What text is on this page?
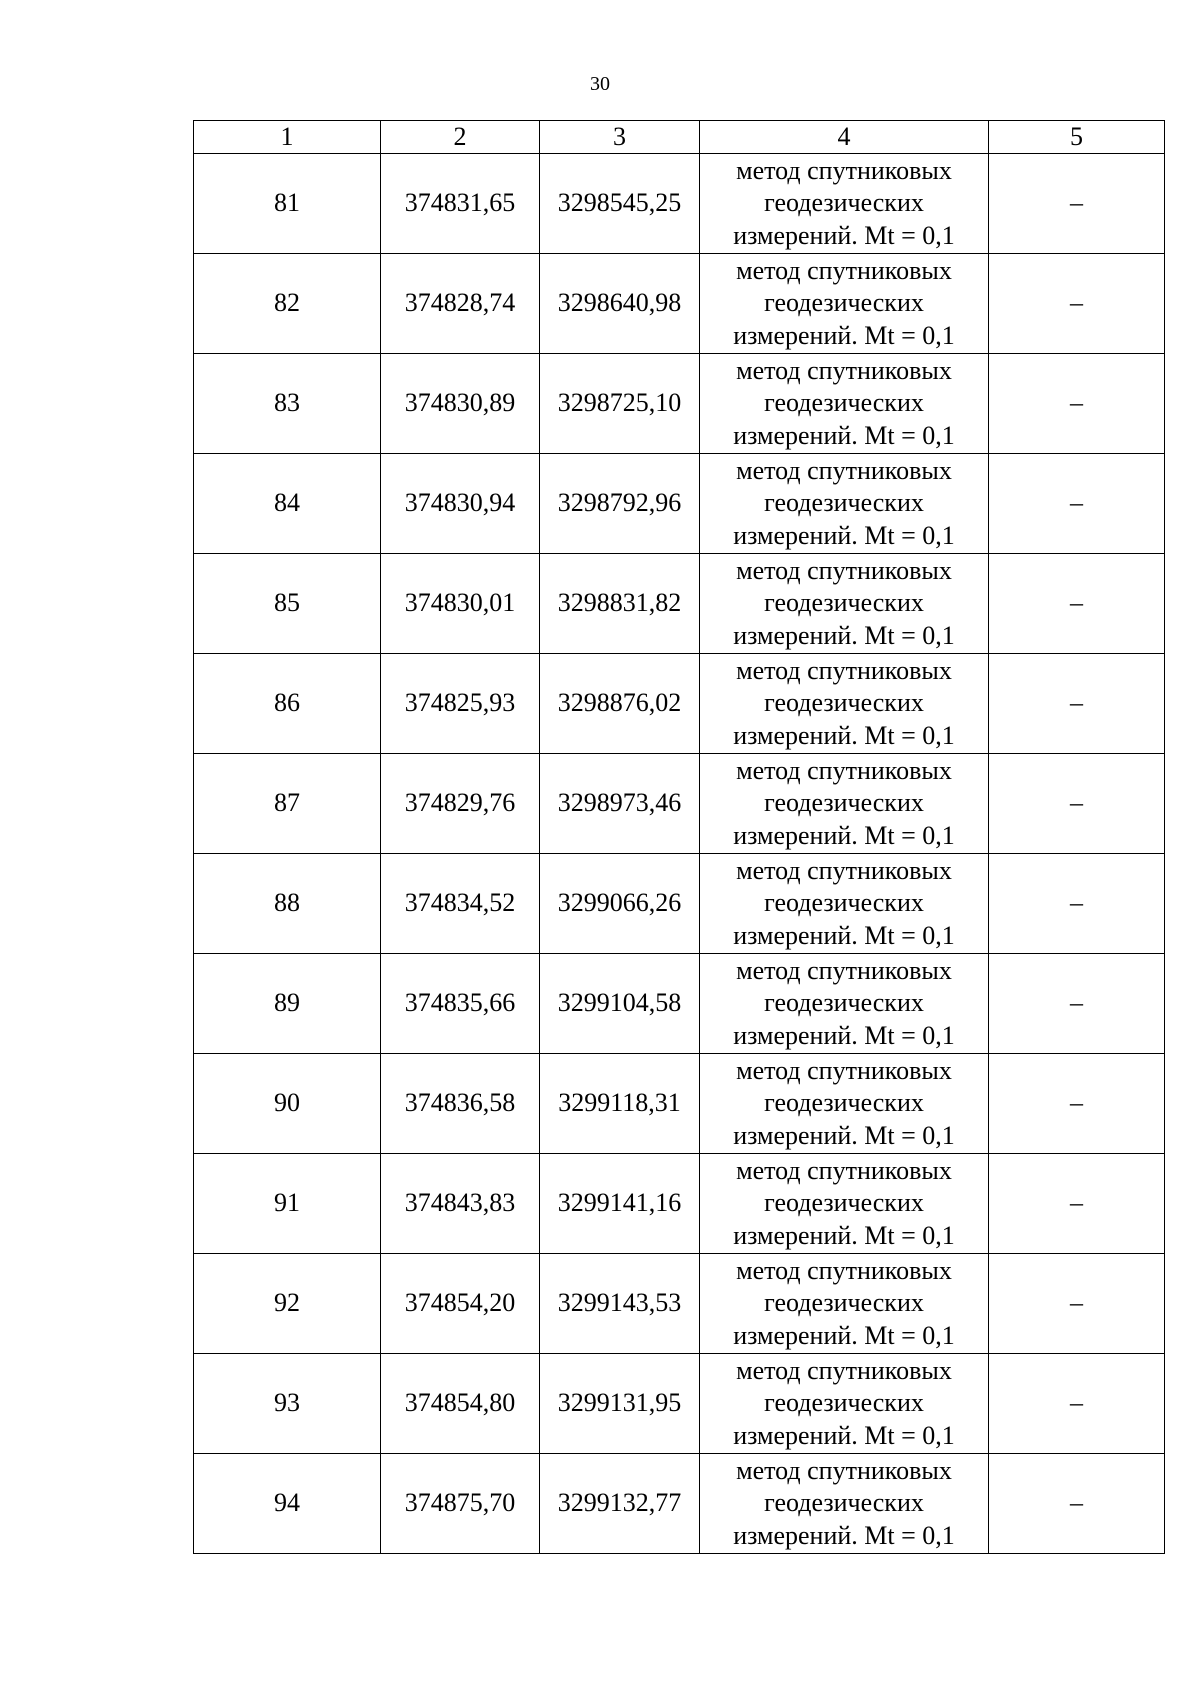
30
1	2	3	4	5
81	374831,65	3298545,25	метод спутниковых
геодезических
измерений. Mt = 0,1	–
82	374828,74	3298640,98	метод спутниковых
геодезических
измерений. Mt = 0,1	–
83	374830,89	3298725,10	метод спутниковых
геодезических
измерений. Mt = 0,1	–
84	374830,94	3298792,96	метод спутниковых
геодезических
измерений. Mt = 0,1	–
85	374830,01	3298831,82	метод спутниковых
геодезических
измерений. Mt = 0,1	–
86	374825,93	3298876,02	метод спутниковых
геодезических
измерений. Mt = 0,1	–
87	374829,76	3298973,46	метод спутниковых
геодезических
измерений. Mt = 0,1	–
88	374834,52	3299066,26	метод спутниковых
геодезических
измерений. Mt = 0,1	–
89	374835,66	3299104,58	метод спутниковых
геодезических
измерений. Mt = 0,1	–
90	374836,58	3299118,31	метод спутниковых
геодезических
измерений. Mt = 0,1	–
91	374843,83	3299141,16	метод спутниковых
геодезических
измерений. Mt = 0,1	–
92	374854,20	3299143,53	метод спутниковых
геодезических
измерений. Mt = 0,1	–
93	374854,80	3299131,95	метод спутниковых
геодезических
измерений. Mt = 0,1	–
94	374875,70	3299132,77	метод спутниковых
геодезических
измерений. Mt = 0,1	–
